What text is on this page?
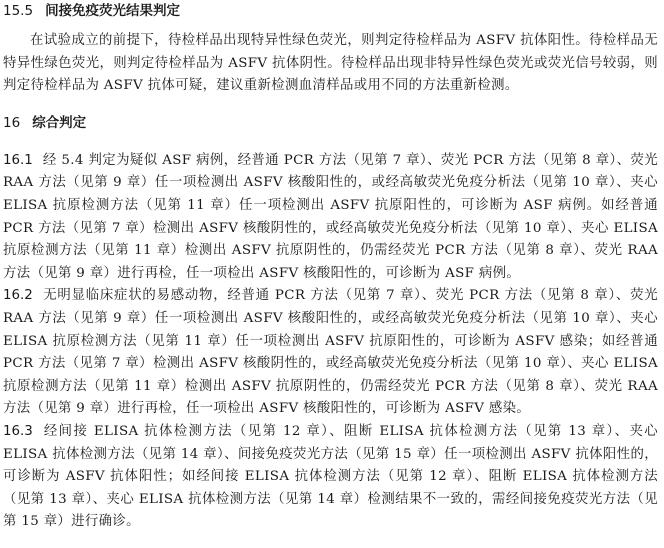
15.5 间接免疫荧光结果判定

在试验成立的前提下，待检样品出现特异性绿色荧光，则判定待检样品为 ASFV 抗体阳性。待检样品无特异性绿色荧光，则判定待检样品为 ASFV 抗体阴性。待检样品出现非特异性绿色荧光或荧光信号较弱，则判定待检样品为 ASFV 抗体可疑，建议重新检测血清样品或用不同的方法重新检测。

16 综合判定

16.1 经 5.4 判定为疑似 ASF 病例，经普通 PCR 方法（见第 7 章）、荧光 PCR 方法（见第 8 章）、荧光 RAA 方法（见第 9 章）任一项检测出 ASFV 核酸阳性的，或经高敏荧光免疫分析法（见第 10 章）、夹心 ELISA 抗原检测方法（见第 11 章）任一项检测出 ASFV 抗原阳性的，可诊断为 ASF 病例。如经普通 PCR 方法（见第 7 章）检测出 ASFV 核酸阴性的，或经高敏荧光免疫分析法（见第 10 章）、夹心 ELISA 抗原检测方法（见第 11 章）检测出 ASFV 抗原阴性的，仍需经荧光 PCR 方法（见第 8 章）、荧光 RAA 方法（见第 9 章）进行再检，任一项检出 ASFV 核酸阳性的，可诊断为 ASF 病例。

16.2 无明显临床症状的易感动物，经普通 PCR 方法（见第 7 章）、荧光 PCR 方法（见第 8 章）、荧光 RAA 方法（见第 9 章）任一项检测出 ASFV 核酸阳性的，或经高敏荧光免疫分析法（见第 10 章）、夹心 ELISA 抗原检测方法（见第 11 章）任一项检测出 ASFV 抗原阳性的，可诊断为 ASFV 感染；如经普通 PCR 方法（见第 7 章）检测出 ASFV 核酸阴性的，或经高敏荧光免疫分析法（见第 10 章）、夹心 ELISA 抗原检测方法（见第 11 章）检测出 ASFV 抗原阴性的，仍需经荧光 PCR 方法（见第 8 章）、荧光 RAA 方法（见第 9 章）进行再检，任一项检出 ASFV 核酸阳性的，可诊断为 ASFV 感染。

16.3 经间接 ELISA 抗体检测方法（见第 12 章）、阻断 ELISA 抗体检测方法（见第 13 章）、夹心 ELISA 抗体检测方法（见第 14 章）、间接免疫荧光方法（见第 15 章）任一项检测出 ASFV 抗体阳性的，可诊断为 ASFV 抗体阳性；如经间接 ELISA 抗体检测方法（见第 12 章）、阻断 ELISA 抗体检测方法（见第 13 章）、夹心 ELISA 抗体检测方法（见第 14 章）检测结果不一致的，需经间接免疫荧光方法（见第 15 章）进行确诊。
